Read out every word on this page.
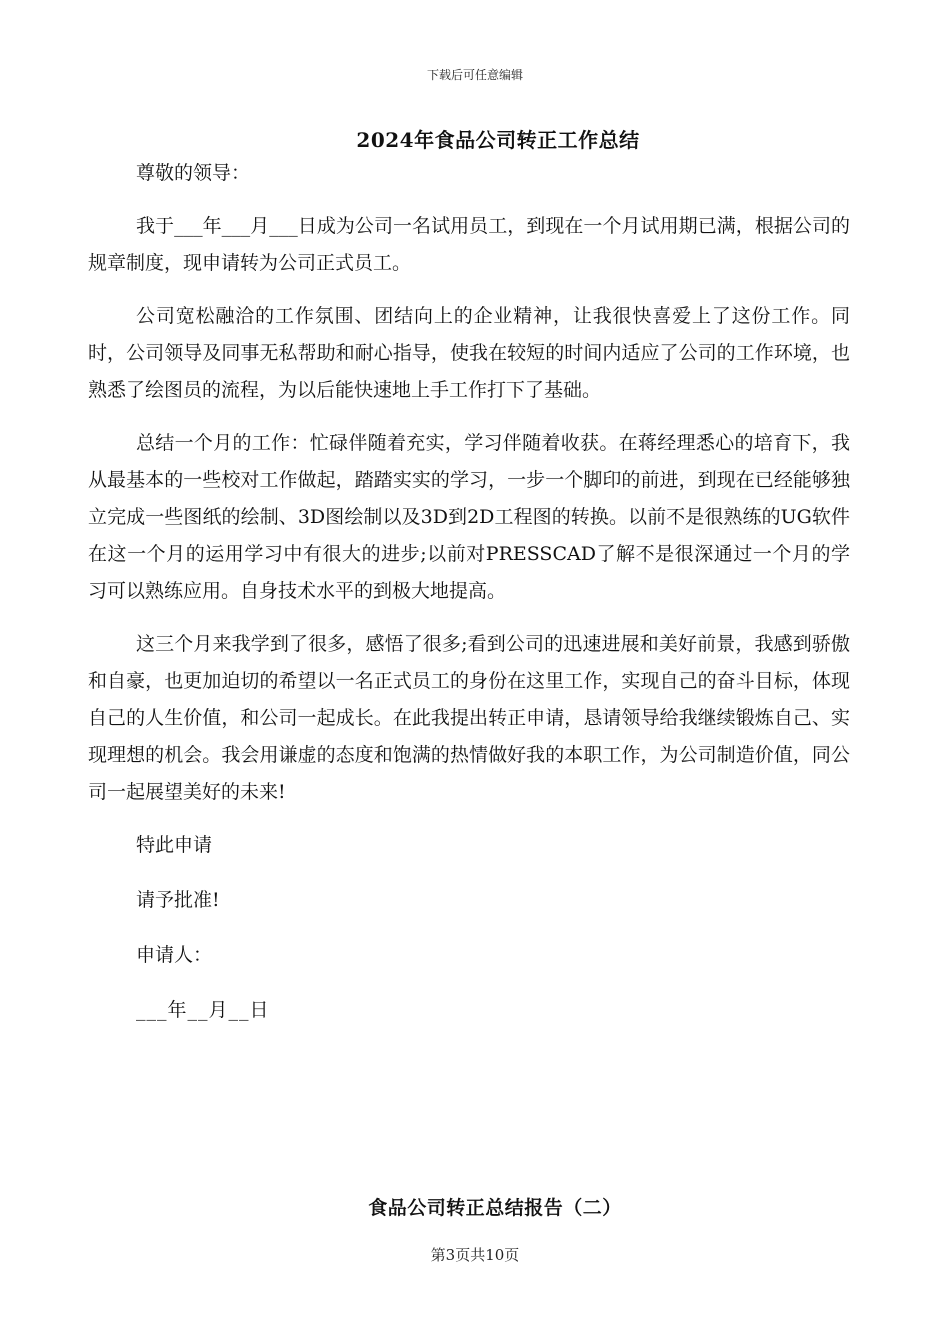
下载后可任意编辑
2024年食品公司转正工作总结

尊敬的领导：

我于___年___月___日成为公司一名试用员工，到现在一个月试用期已满，根据公司的规章制度，现申请转为公司正式员工。

公司宽松融洽的工作氛围、团结向上的企业精神，让我很快喜爱上了这份工作。同时，公司领导及同事无私帮助和耐心指导，使我在较短的时间内适应了公司的工作环境，也熟悉了绘图员的流程，为以后能快速地上手工作打下了基础。

总结一个月的工作：忙碌伴随着充实，学习伴随着收获。在蒋经理悉心的培育下，我从最基本的一些校对工作做起，踏踏实实的学习，一步一个脚印的前进，到现在已经能够独立完成一些图纸的绘制、3D图绘制以及3D到2D工程图的转换。以前不是很熟练的UG软件在这一个月的运用学习中有很大的进步;以前对PRESSCAD了解不是很深通过一个月的学习可以熟练应用。自身技术水平的到极大地提高。

这三个月来我学到了很多，感悟了很多;看到公司的迅速进展和美好前景，我感到骄傲和自豪，也更加迫切的希望以一名正式员工的身份在这里工作，实现自己的奋斗目标，体现自己的人生价值，和公司一起成长。在此我提出转正申请，恳请领导给我继续锻炼自己、实现理想的机会。我会用谦虚的态度和饱满的热情做好我的本职工作，为公司制造价值，同公司一起展望美好的未来!

特此申请

请予批准!

申请人：

___年__月__日

食品公司转正总结报告（二）
第3页共10页
